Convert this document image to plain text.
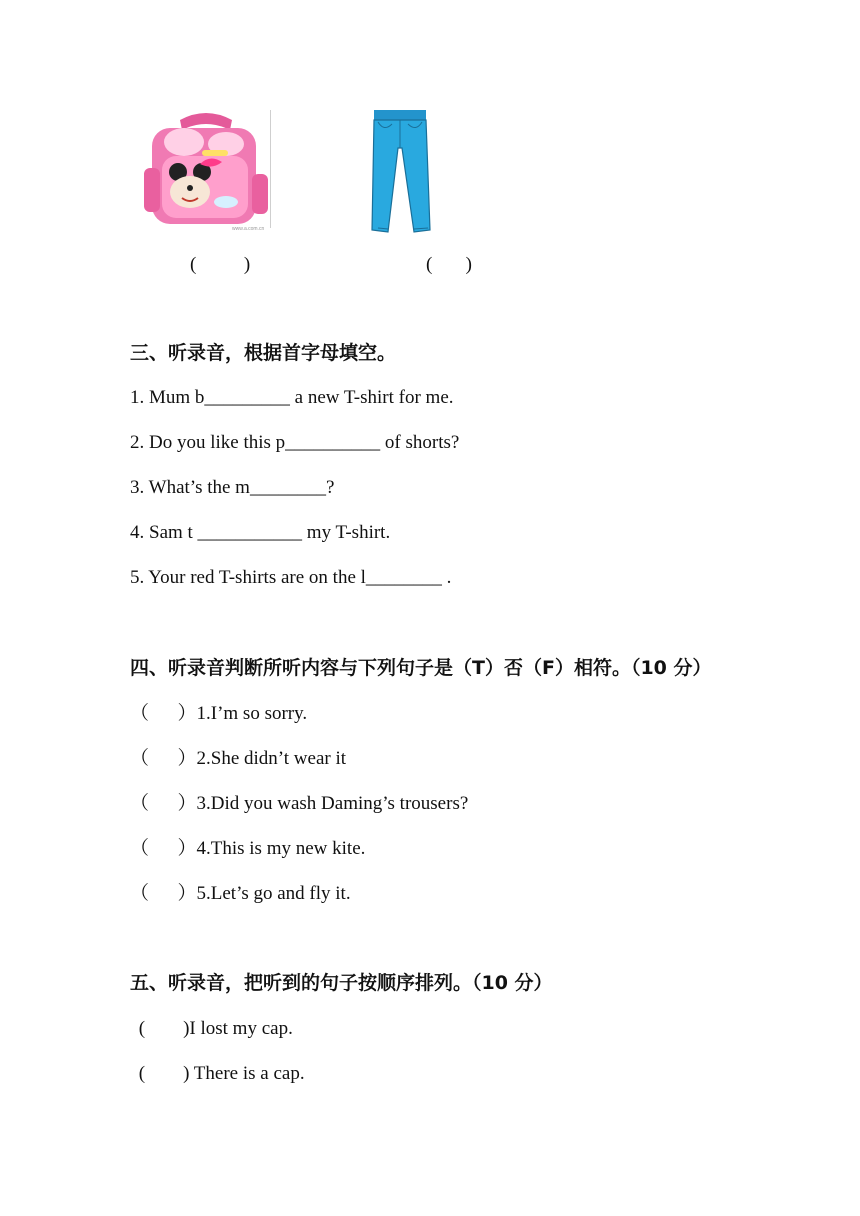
www.a.com.cn
(          )	(       )
三、听录音，根据首字母填空。
1. Mum b_________ a new T-shirt for me.
2. Do you like this p__________ of shorts?
3. What’s the m________?
4. Sam t ___________ my T-shirt.
5. Your red T-shirts are on the l________ .
四、听录音判断所听内容与下列句子是（T）否（F）相符。（10 分）
（      ）1.I’m so sorry.
（      ）2.She didn’t wear it
（      ）3.Did you wash Daming’s trousers?
（      ）4.This is my new kite.
（      ）5.Let’s go and fly it.
五、听录音，把听到的句子按顺序排列。（10 分）
(        )I lost my cap.
(        ) There is a cap.
